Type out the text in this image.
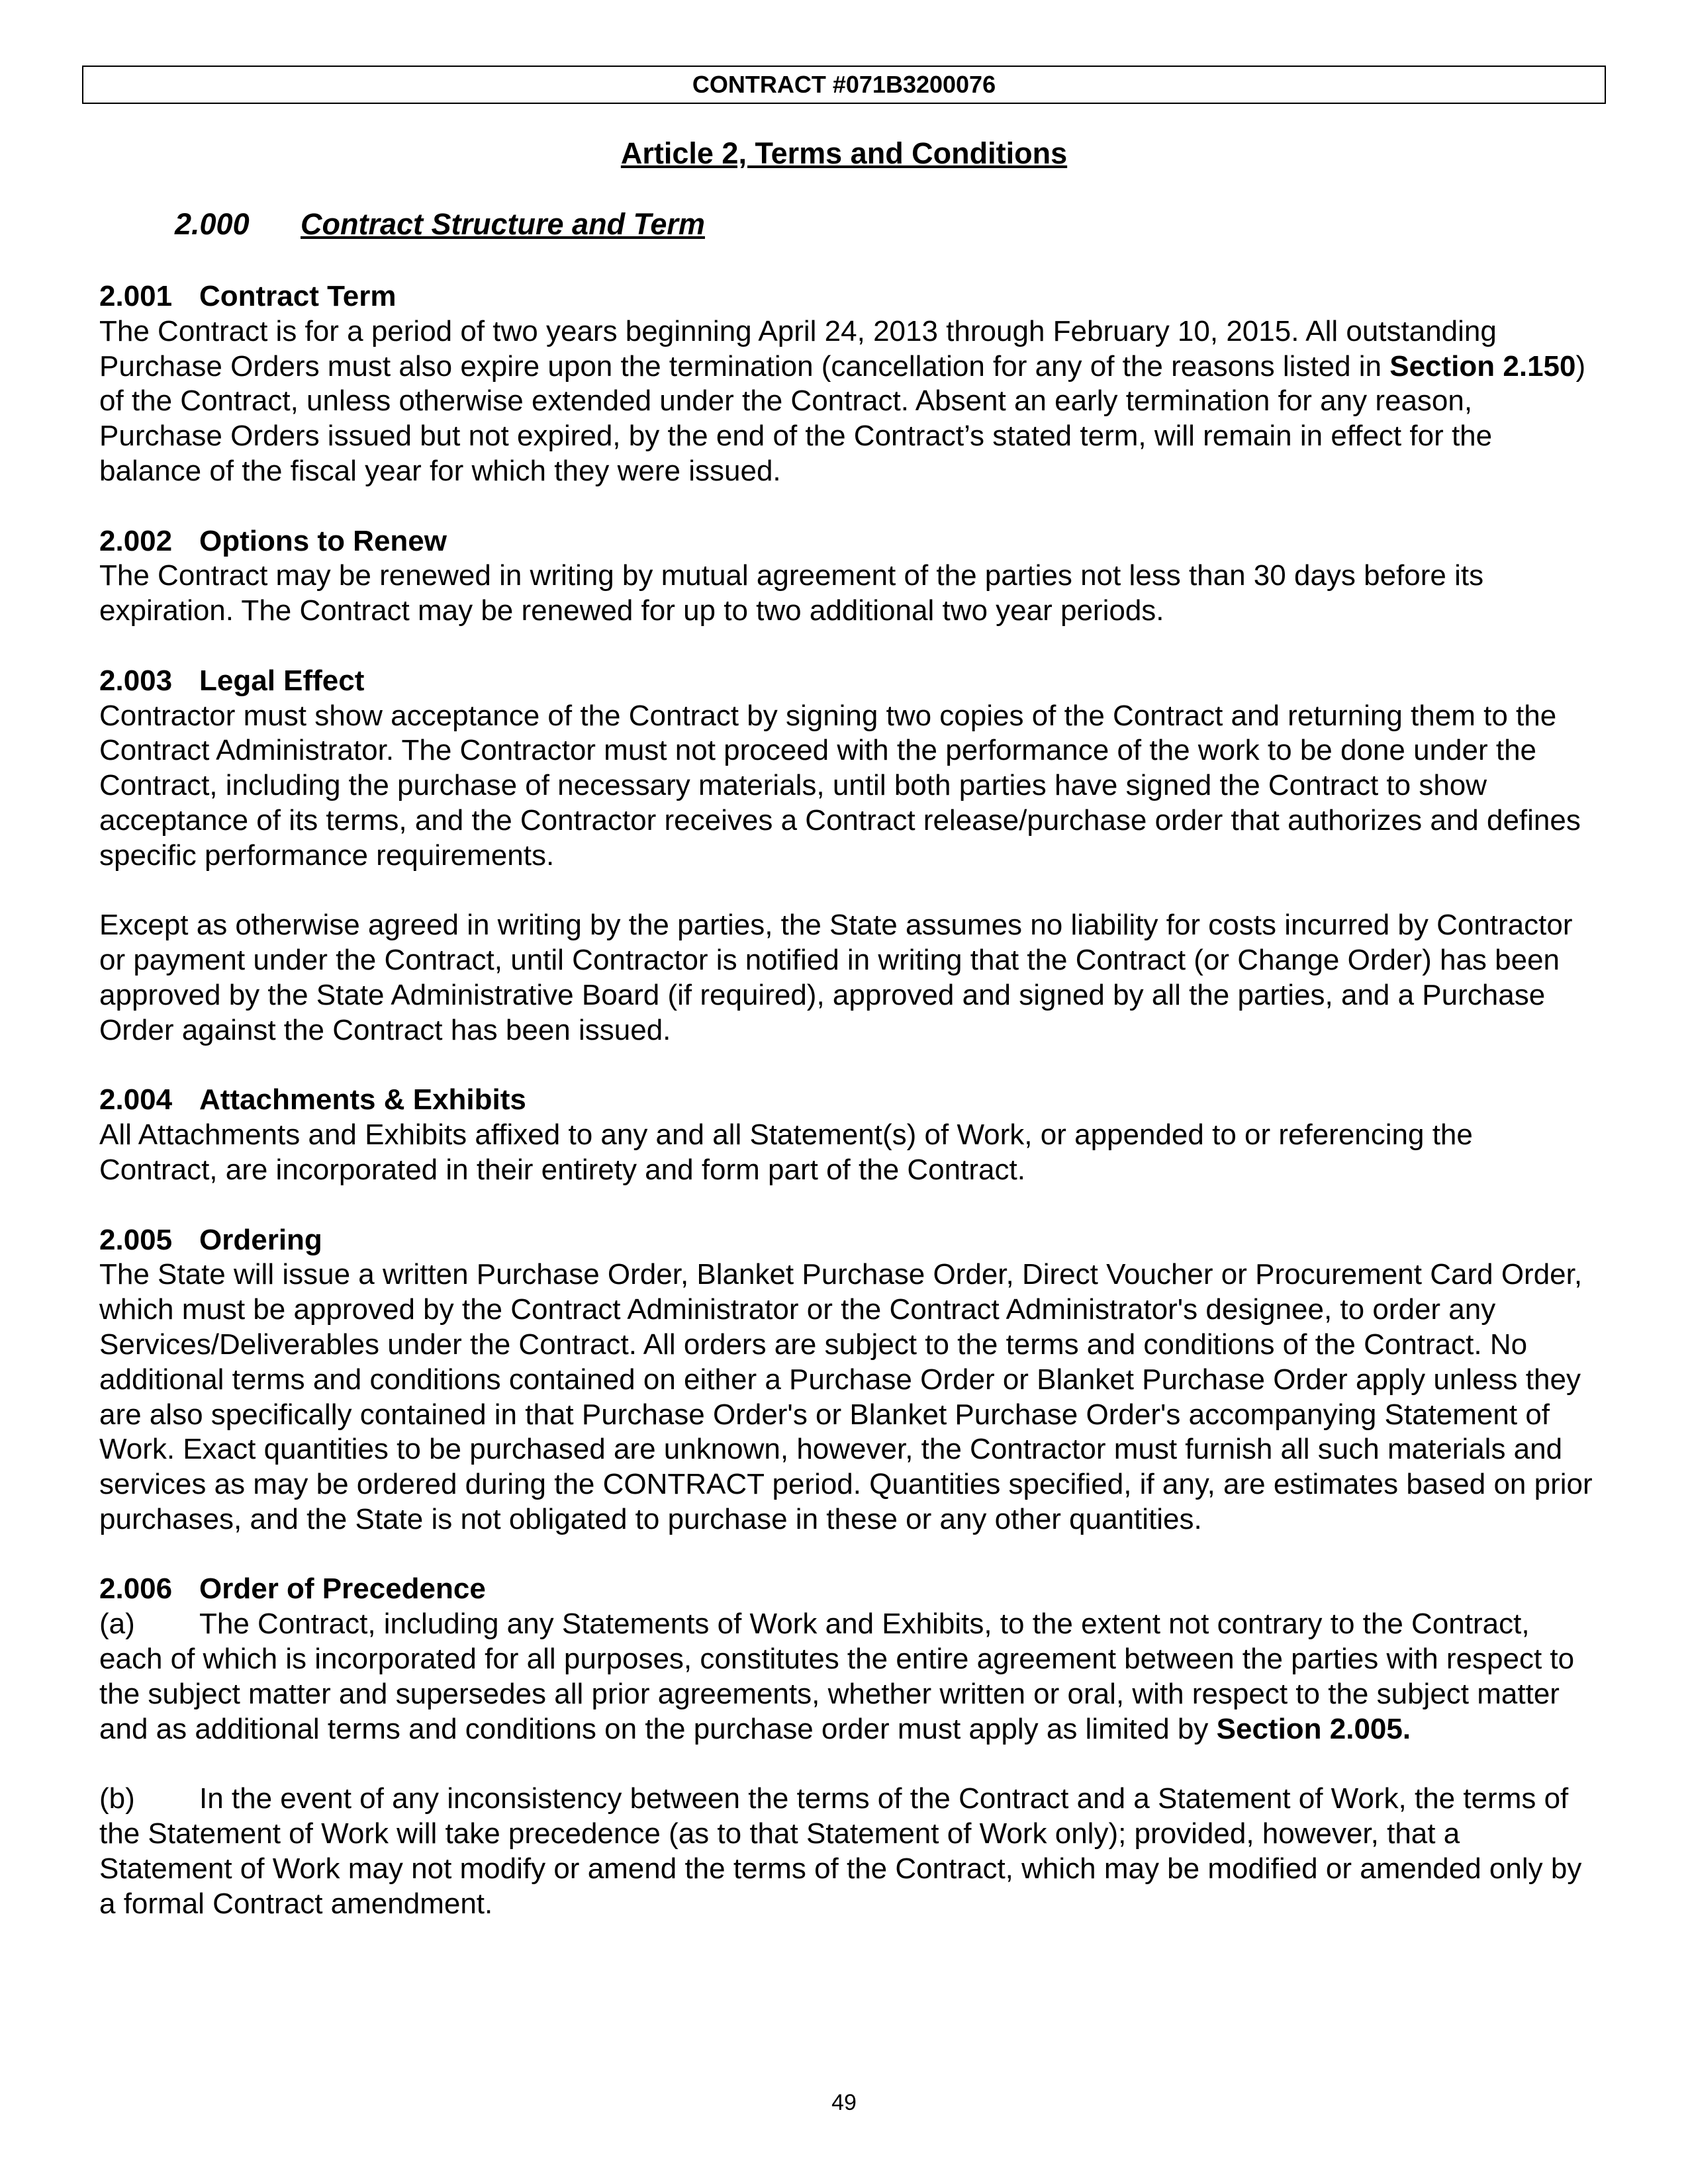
CONTRACT #071B3200076
Article 2, Terms and Conditions
2.000 Contract Structure and Term

2.001 Contract Term

The Contract is for a period of two years beginning April 24, 2013 through February 10, 2015. All outstanding Purchase Orders must also expire upon the termination (cancellation for any of the reasons listed in Section 2.150) of the Contract, unless otherwise extended under the Contract. Absent an early termination for any reason, Purchase Orders issued but not expired, by the end of the Contract’s stated term, will remain in effect for the balance of the fiscal year for which they were issued.

2.002 Options to Renew

The Contract may be renewed in writing by mutual agreement of the parties not less than 30 days before its expiration. The Contract may be renewed for up to two additional two year periods.

2.003 Legal Effect

Contractor must show acceptance of the Contract by signing two copies of the Contract and returning them to the Contract Administrator. The Contractor must not proceed with the performance of the work to be done under the Contract, including the purchase of necessary materials, until both parties have signed the Contract to show acceptance of its terms, and the Contractor receives a Contract release/purchase order that authorizes and defines specific performance requirements.

Except as otherwise agreed in writing by the parties, the State assumes no liability for costs incurred by Contractor or payment under the Contract, until Contractor is notified in writing that the Contract (or Change Order) has been approved by the State Administrative Board (if required), approved and signed by all the parties, and a Purchase Order against the Contract has been issued.

2.004 Attachments & Exhibits

All Attachments and Exhibits affixed to any and all Statement(s) of Work, or appended to or referencing the Contract, are incorporated in their entirety and form part of the Contract.

2.005 Ordering

The State will issue a written Purchase Order, Blanket Purchase Order, Direct Voucher or Procurement Card Order, which must be approved by the Contract Administrator or the Contract Administrator's designee, to order any Services/Deliverables under the Contract. All orders are subject to the terms and conditions of the Contract. No additional terms and conditions contained on either a Purchase Order or Blanket Purchase Order apply unless they are also specifically contained in that Purchase Order's or Blanket Purchase Order's accompanying Statement of Work. Exact quantities to be purchased are unknown, however, the Contractor must furnish all such materials and services as may be ordered during the CONTRACT period. Quantities specified, if any, are estimates based on prior purchases, and the State is not obligated to purchase in these or any other quantities.

2.006 Order of Precedence

(a) The Contract, including any Statements of Work and Exhibits, to the extent not contrary to the Contract, each of which is incorporated for all purposes, constitutes the entire agreement between the parties with respect to the subject matter and supersedes all prior agreements, whether written or oral, with respect to the subject matter and as additional terms and conditions on the purchase order must apply as limited by Section 2.005.

(b) In the event of any inconsistency between the terms of the Contract and a Statement of Work, the terms of the Statement of Work will take precedence (as to that Statement of Work only); provided, however, that a Statement of Work may not modify or amend the terms of the Contract, which may be modified or amended only by a formal Contract amendment.

49
